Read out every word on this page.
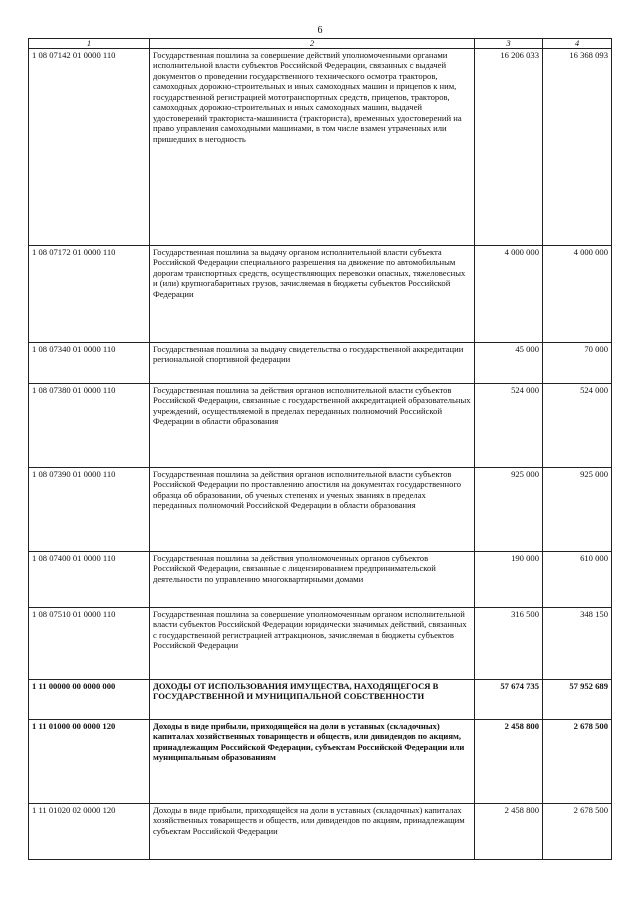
6
1	2	3	4
1 08 07142 01 0000 110	Государственная пошлина за совершение действий уполномоченными органами исполнительной власти субъектов Российской Федерации, связанных с выдачей документов о проведении государственного технического осмотра тракторов, самоходных дорожно-строительных и иных самоходных машин и прицепов к ним, государственной регистрацией мототранспортных средств, прицепов, тракторов, самоходных дорожно-строительных и иных самоходных машин, выдачей удостоверений тракториста-машиниста (тракториста), временных удостоверений на право управления самоходными машинами, в том числе взамен утраченных или пришедших в негодность	16 206 033	16 368 093
1 08 07172 01 0000 110	Государственная пошлина за выдачу органом исполнительной власти субъекта Российской Федерации специального разрешения на движение по автомобильным дорогам транспортных средств, осуществляющих перевозки опасных, тяжеловесных и (или) крупногабаритных грузов, зачисляемая в бюджеты субъектов Российской Федерации	4 000 000	4 000 000
1 08 07340 01 0000 110	Государственная пошлина за выдачу свидетельства о государственной аккредитации региональной спортивной федерации	45 000	70 000
1 08 07380 01 0000 110	Государственная пошлина за действия органов исполнительной власти субъектов Российской Федерации, связанные с государственной аккредитацией образовательных учреждений, осуществляемой в пределах переданных полномочий Российской Федерации в области образования	524 000	524 000
1 08 07390 01 0000 110	Государственная пошлина за действия органов исполнительной власти субъектов Российской Федерации по проставлению апостиля на документах государственного образца об образовании, об ученых степенях и ученых званиях в пределах переданных полномочий Российской Федерации в области образования	925 000	925 000
1 08 07400 01 0000 110	Государственная пошлина за действия уполномоченных органов субъектов Российской Федерации, связанные с лицензированием предпринимательской деятельности по управлению многоквартирными домами	190 000	610 000
1 08 07510 01 0000 110	Государственная пошлина за совершение уполномоченным органом исполнительной власти субъектов Российской Федерации юридически значимых действий, связанных с государственной регистрацией аттракционов, зачисляемая в бюджеты субъектов Российской Федерации	316 500	348 150
1 11 00000 00 0000 000	ДОХОДЫ ОТ ИСПОЛЬЗОВАНИЯ ИМУЩЕСТВА, НАХОДЯЩЕГОСЯ В ГОСУДАРСТВЕННОЙ И МУНИЦИПАЛЬНОЙ СОБСТВЕННОСТИ	57 674 735	57 952 689
1 11 01000 00 0000 120	Доходы в виде прибыли, приходящейся на доли в уставных (складочных) капиталах хозяйственных товариществ и обществ, или дивидендов по акциям, принадлежащим Российской Федерации, субъектам Российской Федерации или муниципальным образованиям	2 458 800	2 678 500
1 11 01020 02 0000 120	Доходы в виде прибыли, приходящейся на доли в уставных (складочных) капиталах хозяйственных товариществ и обществ, или дивидендов по акциям, принадлежащим субъектам Российской Федерации	2 458 800	2 678 500
